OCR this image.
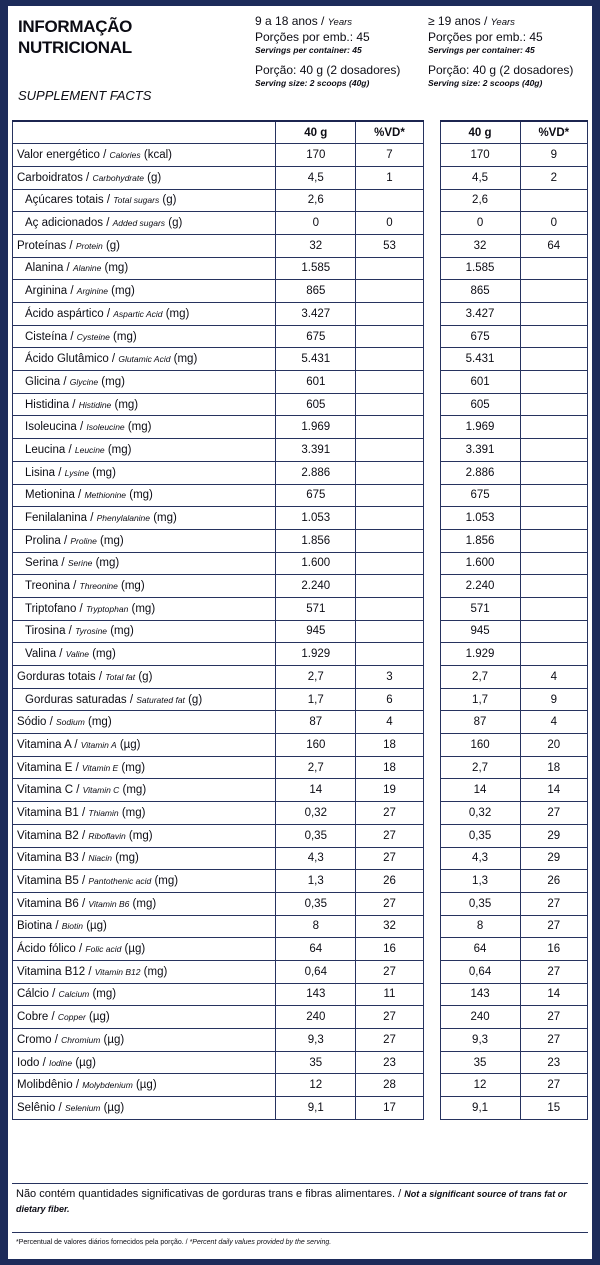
INFORMAÇÃO
NUTRICIONAL
SUPPLEMENT FACTS
9 a 18 anos / Years
Porções por emb.: 45
Servings per container: 45
Porção: 40 g (2 dosadores)
Serving size: 2 scoops (40g)
≥ 19 anos / Years
Porções por emb.: 45
Servings per container: 45
Porção: 40 g (2 dosadores)
Serving size: 2 scoops (40g)
	40 g	%VD*		40 g	%VD*
Valor energético / Calories (kcal)	170	7		170	9
Carboidratos / Carbohydrate (g)	4,5	1		4,5	2
Açúcares totais / Total sugars (g)	2,6			2,6	
Aç adicionados / Added sugars (g)	0	0		0	0
Proteínas / Protein (g)	32	53		32	64
Alanina / Alanine (mg)	1.585			1.585	
Arginina / Arginine (mg)	865			865	
Ácido aspártico / Aspartic Acid (mg)	3.427			3.427	
Cisteína / Cysteine (mg)	675			675	
Ácido Glutâmico / Glutamic Acid (mg)	5.431			5.431	
Glicina / Glycine (mg)	601			601	
Histidina / Histidine (mg)	605			605	
Isoleucina / Isoleucine (mg)	1.969			1.969	
Leucina / Leucine (mg)	3.391			3.391	
Lisina / Lysine (mg)	2.886			2.886	
Metionina / Methionine (mg)	675			675	
Fenilalanina / Phenylalanine (mg)	1.053			1.053	
Prolina / Proline (mg)	1.856			1.856	
Serina / Serine (mg)	1.600			1.600	
Treonina / Threonine (mg)	2.240			2.240	
Triptofano / Tryptophan (mg)	571			571	
Tirosina / Tyrosine (mg)	945			945	
Valina / Valine (mg)	1.929			1.929	
Gorduras totais / Total fat (g)	2,7	3		2,7	4
Gorduras saturadas / Saturated fat (g)	1,7	6		1,7	9
Sódio / Sodium (mg)	87	4		87	4
Vitamina A / Vitamin A (µg)	160	18		160	20
Vitamina E / Vitamin E (mg)	2,7	18		2,7	18
Vitamina C / Vitamin C (mg)	14	19		14	14
Vitamina B1 / Thiamin (mg)	0,32	27		0,32	27
Vitamina B2 / Riboflavin (mg)	0,35	27		0,35	29
Vitamina B3 / Niacin (mg)	4,3	27		4,3	29
Vitamina B5 / Pantothenic acid (mg)	1,3	26		1,3	26
Vitamina B6 / Vitamin B6 (mg)	0,35	27		0,35	27
Biotina / Biotin (µg)	8	32		8	27
Ácido fólico / Folic acid (µg)	64	16		64	16
Vitamina B12 / Vitamin B12 (mg)	0,64	27		0,64	27
Cálcio / Calcium (mg)	143	11		143	14
Cobre / Copper (µg)	240	27		240	27
Cromo / Chromium (µg)	9,3	27		9,3	27
Iodo / Iodine (µg)	35	23		35	23
Molibdênio / Molybdenium (µg)	12	28		12	27
Selênio / Selenium (µg)	9,1	17		9,1	15
Não contém quantidades significativas de gorduras trans e fibras alimentares. / Not a significant source of trans fat or dietary fiber.
*Percentual de valores diários fornecidos pela porção. / *Percent daily values provided by the serving.
